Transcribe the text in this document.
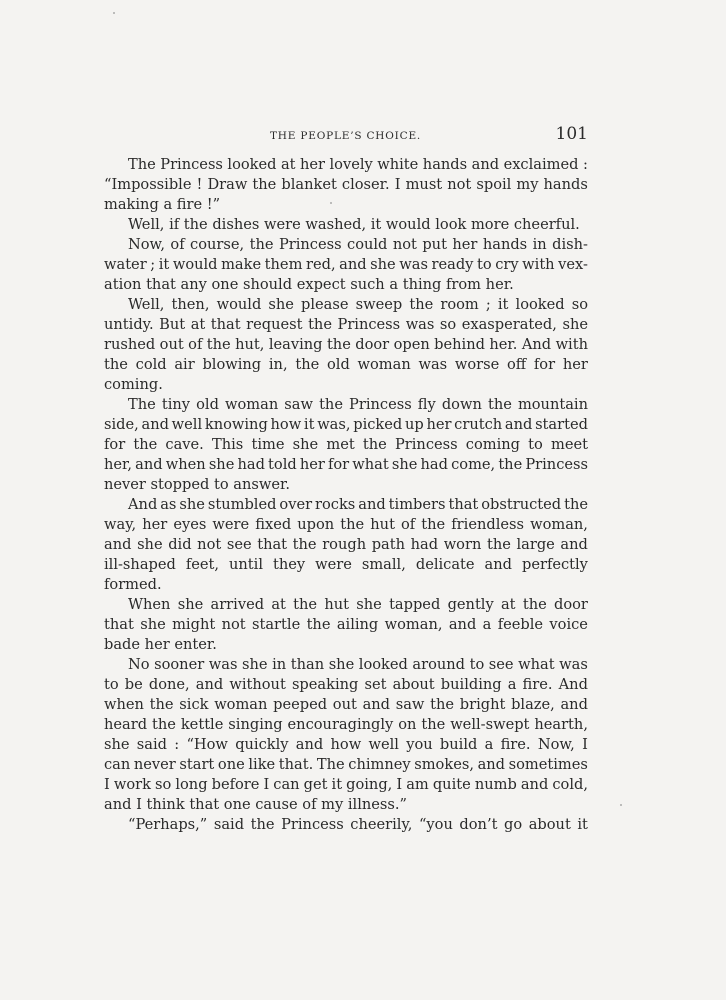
THE PEOPLE’S CHOICE.	101
The Princess looked at her lovely white hands and exclaimed :
“Impossible ! Draw the blanket closer. I must not spoil my hands
making a fire !”
Well, if the dishes were washed, it would look more cheerful.
Now, of course, the Princess could not put her hands in dish-
water ; it would make them red, and she was ready to cry with vex-
ation that any one should expect such a thing from her.
Well, then, would she please sweep the room ; it looked so
untidy. But at that request the Princess was so exasperated, she
rushed out of the hut, leaving the door open behind her. And with
the cold air blowing in, the old woman was worse off for her
coming.
The tiny old woman saw the Princess fly down the mountain
side, and well knowing how it was, picked up her crutch and started
for the cave. This time she met the Princess coming to meet
her, and when she had told her for what she had come, the Princess
never stopped to answer.
And as she stumbled over rocks and timbers that obstructed the
way, her eyes were fixed upon the hut of the friendless woman,
and she did not see that the rough path had worn the large and
ill-shaped feet, until they were small, delicate and perfectly
formed.
When she arrived at the hut she tapped gently at the door
that she might not startle the ailing woman, and a feeble voice
bade her enter.
No sooner was she in than she looked around to see what was
to be done, and without speaking set about building a fire. And
when the sick woman peeped out and saw the bright blaze, and
heard the kettle singing encouragingly on the well-swept hearth,
she said : “How quickly and how well you build a fire. Now, I
can never start one like that. The chimney smokes, and sometimes
I work so long before I can get it going, I am quite numb and cold,
and I think that one cause of my illness.”
“Perhaps,” said the Princess cheerily, “you don’t go about it
